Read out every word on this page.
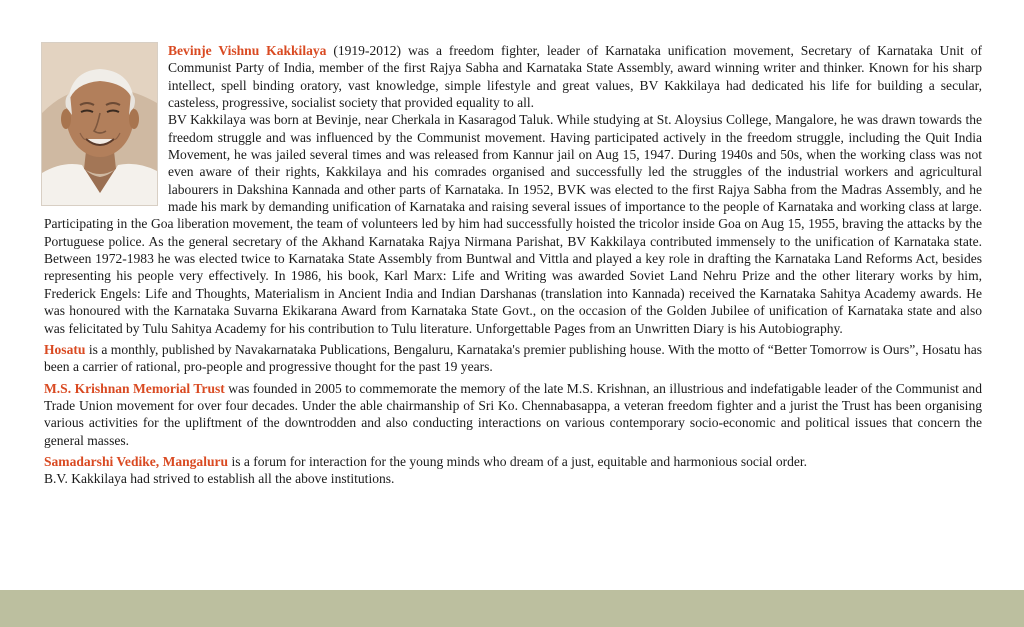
Bevinje Vishnu Kakkilaya (1919-2012) was a freedom fighter, leader of Karnataka unification movement, Secretary of Karnataka Unit of Communist Party of India, member of the first Rajya Sabha and Karnataka State Assembly, award winning writer and thinker. Known for his sharp intellect, spell binding oratory, vast knowledge, simple lifestyle and great values, BV Kakkilaya had dedicated his life for building a secular, casteless, progressive, socialist society that provided equality to all.

BV Kakkilaya was born at Bevinje, near Cherkala in Kasaragod Taluk. While studying at St. Aloysius College, Mangalore, he was drawn towards the freedom struggle and was influenced by the Communist movement. Having participated actively in the freedom struggle, including the Quit India Movement, he was jailed several times and was released from Kannur jail on Aug 15, 1947. During 1940s and 50s, when the working class was not even aware of their rights, Kakkilaya and his comrades organised and successfully led the struggles of the industrial workers and agricultural labourers in Dakshina Kannada and other parts of Karnataka. In 1952, BVK was elected to the first Rajya Sabha from the Madras Assembly, and he made his mark by demanding unification of Karnataka and raising several issues of importance to the people of Karnataka and working class at large. Participating in the Goa liberation movement, the team of volunteers led by him had successfully hoisted the tricolor inside Goa on Aug 15, 1955, braving the attacks by the Portuguese police. As the general secretary of the Akhand Karnataka Rajya Nirmana Parishat, BV Kakkilaya contributed immensely to the unification of Karnataka state. Between 1972-1983 he was elected twice to Karnataka State Assembly from Buntwal and Vittla and played a key role in drafting the Karnataka Land Reforms Act, besides representing his people very effectively. In 1986, his book, Karl Marx: Life and Writing was awarded Soviet Land Nehru Prize and the other literary works by him, Frederick Engels: Life and Thoughts, Materialism in Ancient India and Indian Darshanas (translation into Kannada) received the Karnataka Sahitya Academy awards. He was honoured with the Karnataka Suvarna Ekikarana Award from Karnataka State Govt., on the occasion of the Golden Jubilee of unification of Karnataka state and also was felicitated by Tulu Sahitya Academy for his contribution to Tulu literature. Unforgettable Pages from an Unwritten Diary is his Autobiography.

Hosatu is a monthly, published by Navakarnataka Publications, Bengaluru, Karnataka's premier publishing house. With the motto of “Better Tomorrow is Ours”, Hosatu has been a carrier of rational, pro-people and progressive thought for the past 19 years.

M.S. Krishnan Memorial Trust was founded in 2005 to commemorate the memory of the late M.S. Krishnan, an illustrious and indefatigable leader of the Communist and Trade Union movement for over four decades. Under the able chairmanship of Sri Ko. Chennabasappa, a veteran freedom fighter and a jurist the Trust has been organising various activities for the upliftment of the downtrodden and also conducting interactions on various contemporary socio-economic and political issues that concern the general masses.

Samadarshi Vedike, Mangaluru is a forum for interaction for the young minds who dream of a just, equitable and harmonious social order.

B.V. Kakkilaya had strived to establish all the above institutions.
